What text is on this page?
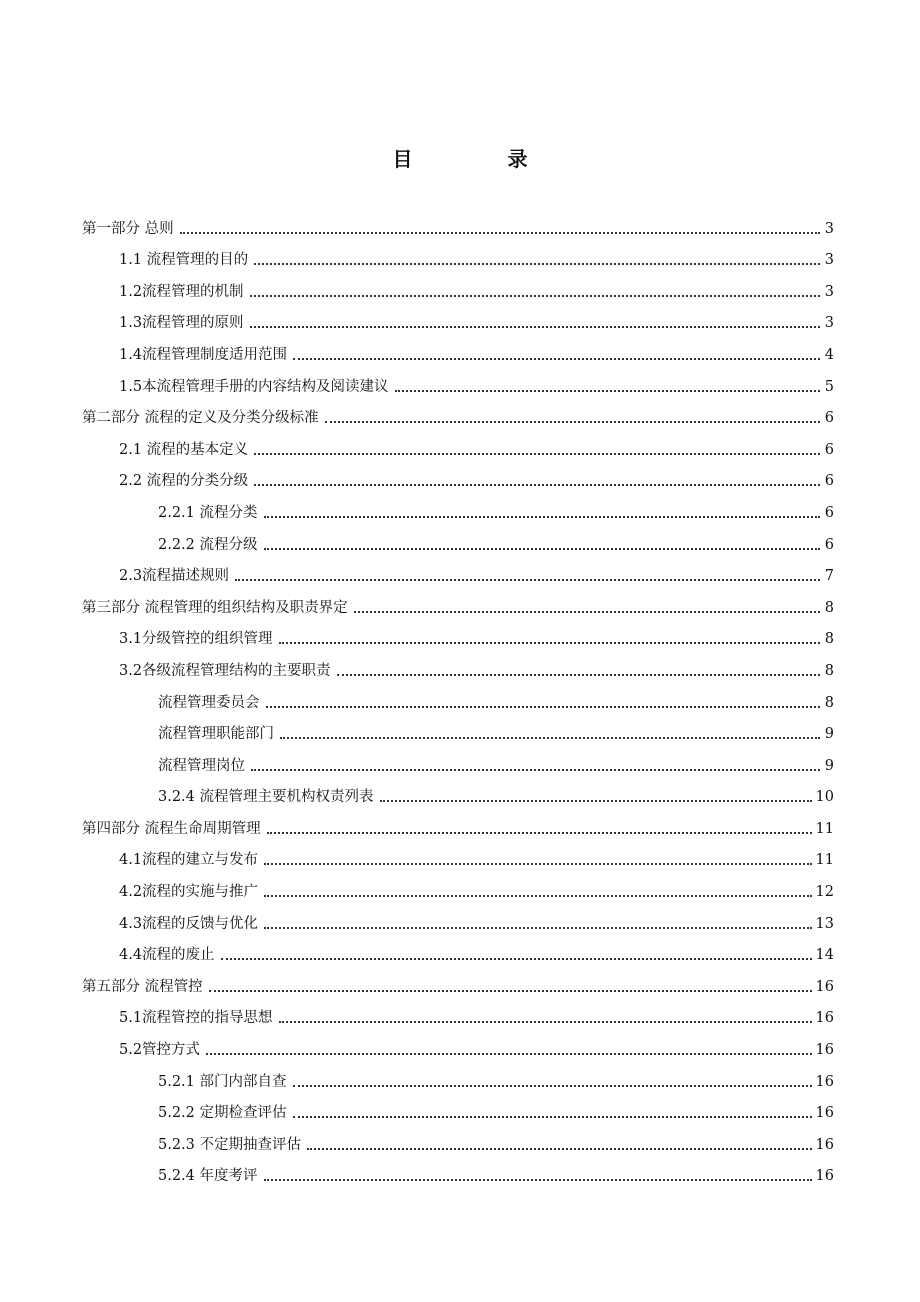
目 录
第一部分 总则	3
1.1 流程管理的目的	3
1.2流程管理的机制	3
1.3流程管理的原则	3
1.4流程管理制度适用范围	4
1.5本流程管理手册的内容结构及阅读建议	5
第二部分 流程的定义及分类分级标准	6
2.1 流程的基本定义	6
2.2 流程的分类分级	6
2.2.1 流程分类	6
2.2.2 流程分级	6
2.3流程描述规则	7
第三部分 流程管理的组织结构及职责界定	8
3.1分级管控的组织管理	8
3.2各级流程管理结构的主要职责	8
流程管理委员会	8
流程管理职能部门	9
流程管理岗位	9
3.2.4 流程管理主要机构权责列表	10
第四部分 流程生命周期管理	11
4.1流程的建立与发布	11
4.2流程的实施与推广	12
4.3流程的反馈与优化	13
4.4流程的废止	14
第五部分 流程管控	16
5.1流程管控的指导思想	16
5.2管控方式	16
5.2.1 部门内部自查	16
5.2.2 定期检查评估	16
5.2.3 不定期抽查评估	16
5.2.4 年度考评	16
